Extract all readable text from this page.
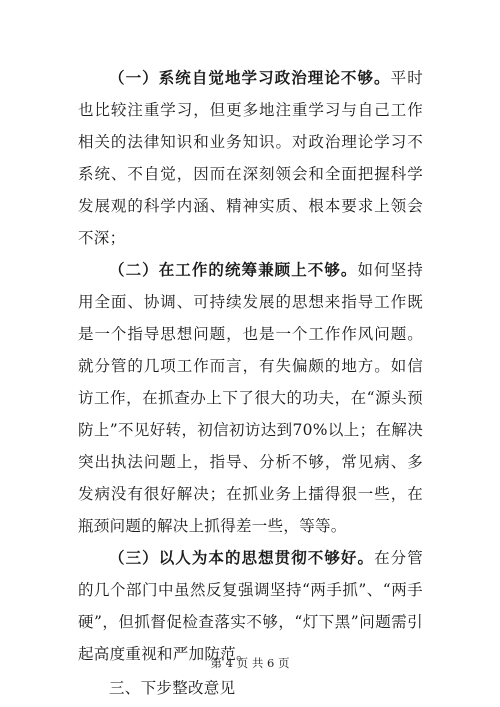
（一）系统自觉地学习政治理论不够。平时也比较注重学习，但更多地注重学习与自己工作相关的法律知识和业务知识。对政治理论学习不系统、不自觉，因而在深刻领会和全面把握科学发展观的科学内涵、精神实质、根本要求上领会不深；

（二）在工作的统筹兼顾上不够。如何坚持用全面、协调、可持续发展的思想来指导工作既是一个指导思想问题，也是一个工作作风问题。就分管的几项工作而言，有失偏颇的地方。如信访工作，在抓查办上下了很大的功夫，在“源头预防上”不见好转，初信初访达到70%以上；在解决突出执法问题上，指导、分析不够，常见病、多发病没有很好解决；在抓业务上擂得狠一些，在瓶颈问题的解决上抓得差一些，等等。

（三）以人为本的思想贯彻不够好。在分管的几个部门中虽然反复强调坚持“两手抓”、“两手硬”，但抓督促检查落实不够，“灯下黑”问题需引起高度重视和严加防范。

三、下步整改意见

第 4 页 共 6 页
